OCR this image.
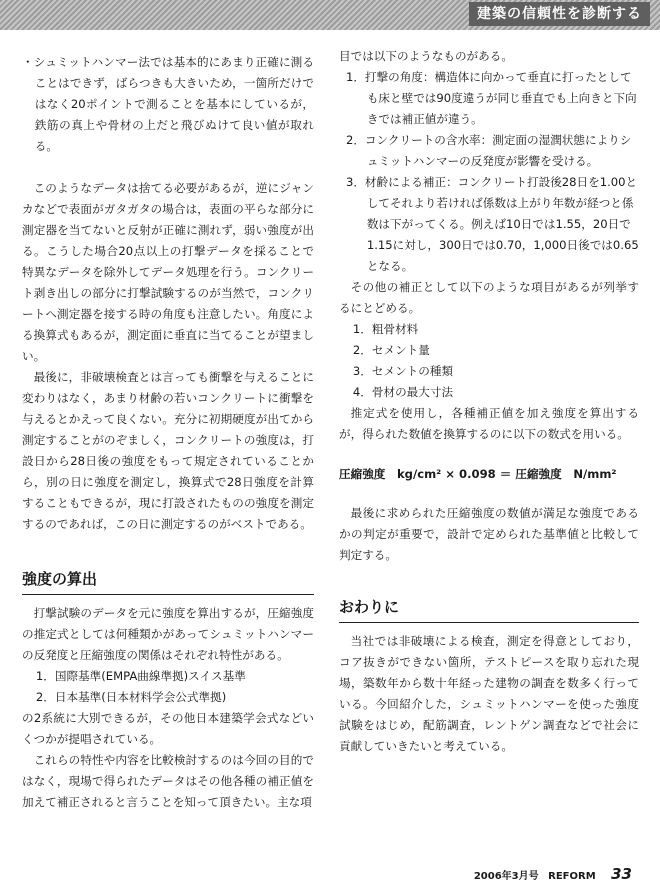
建築の信頼性を診断する

・シュミットハンマー法では基本的にあまり正確に測ることはできず，ばらつきも大きいため，一箇所だけではなく20ポイントで測ることを基本にしているが，鉄筋の真上や骨材の上だと飛びぬけて良い値が取れる。

このようなデータは捨てる必要があるが，逆にジャンカなどで表面がガタガタの場合は，表面の平らな部分に測定器を当てないと反射が正確に測れず，弱い強度が出る。こうした場合20点以上の打撃データを採ることで特異なデータを除外してデータ処理を行う。コンクリート剥き出しの部分に打撃試験するのが当然で，コンクリートへ測定器を接する時の角度も注意したい。角度による換算式もあるが，測定面に垂直に当てることが望ましい。

最後に，非破壊検査とは言っても衝撃を与えることに変わりはなく，あまり材齢の若いコンクリートに衝撃を与えるとかえって良くない。充分に初期硬度が出てから測定することがのぞましく，コンクリートの強度は，打設日から28日後の強度をもって規定されていることから，別の日に強度を測定し，換算式で28日強度を計算することもできるが，現に打設されたものの強度を測定するのであれば，この日に測定するのがベストである。

強度の算出

打撃試験のデータを元に強度を算出するが，圧縮強度の推定式としては何種類かがあってシュミットハンマーの反発度と圧縮強度の関係はそれぞれ特性がある。

1．国際基準(EMPA曲線準拠)スイス基準
2．日本基準(日本材料学会公式準拠)

の2系統に大別できるが，その他日本建築学会式などいくつかが提唱されている。

これらの特性や内容を比較検討するのは今回の目的ではなく，現場で得られたデータはその他各種の補正値を加えて補正されると言うことを知って頂きたい。主な項

目では以下のようなものがある。

1．打撃の角度：構造体に向かって垂直に打ったとしても床と壁では90度違うが同じ垂直でも上向きと下向きでは補正値が違う。
2．コンクリートの含水率：測定面の湿潤状態によりシュミットハンマーの反発度が影響を受ける。
3．材齢による補正：コンクリート打設後28日を1.00としてそれより若ければ係数は上がり年数が経つと係数は下がってくる。例えば10日では1.55，20日で1.15に対し，300日では0.70，1,000日後では0.65となる。

その他の補正として以下のような項目があるが列挙するにとどめる。

1．粗骨材料
2．セメント量
3．セメントの種類
4．骨材の最大寸法

推定式を使用し，各種補正値を加え強度を算出するが，得られた数値を換算するのに以下の数式を用いる。

圧縮強度　kg/cm² × 0.098 ＝ 圧縮強度　N/mm²

最後に求められた圧縮強度の数値が満足な強度であるかの判定が重要で，設計で定められた基準値と比較して判定する。

おわりに

当社では非破壊による検査，測定を得意としており，コア抜きができない箇所，テストピースを取り忘れた現場，築数年から数十年経った建物の調査を数多く行っている。今回紹介した，シュミットハンマーを使った強度試験をはじめ，配筋調査，レントゲン調査などで社会に貢献していきたいと考えている。

2006年3月号 REFORM 33
